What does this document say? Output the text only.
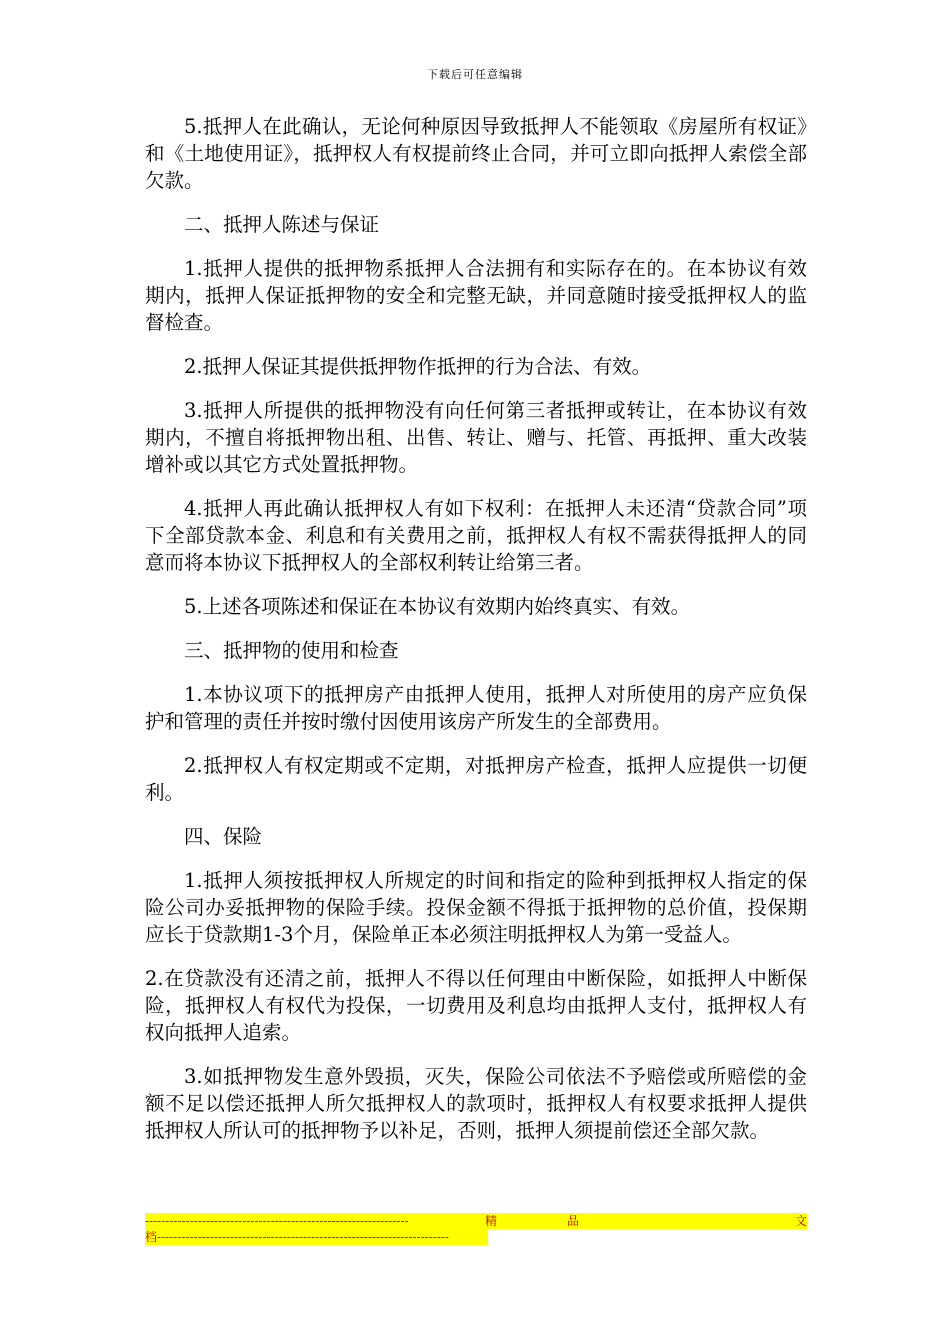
下载后可任意编辑

5.抵押人在此确认，无论何种原因导致抵押人不能领取《房屋所有权证》和《土地使用证》，抵押权人有权提前终止合同，并可立即向抵押人索偿全部欠款。

二、抵押人陈述与保证

1.抵押人提供的抵押物系抵押人合法拥有和实际存在的。在本协议有效期内，抵押人保证抵押物的安全和完整无缺，并同意随时接受抵押权人的监督检查。

2.抵押人保证其提供抵押物作抵押的行为合法、有效。

3.抵押人所提供的抵押物没有向任何第三者抵押或转让，在本协议有效期内，不擅自将抵押物出租、出售、转让、赠与、托管、再抵押、重大改装增补或以其它方式处置抵押物。

4.抵押人再此确认抵押权人有如下权利：在抵押人未还清“贷款合同”项下全部贷款本金、利息和有关费用之前，抵押权人有权不需获得抵押人的同意而将本协议下抵押权人的全部权利转让给第三者。

5.上述各项陈述和保证在本协议有效期内始终真实、有效。

三、抵押物的使用和检查

1.本协议项下的抵押房产由抵押人使用，抵押人对所使用的房产应负保护和管理的责任并按时缴付因使用该房产所发生的全部费用。

2.抵押权人有权定期或不定期，对抵押房产检查，抵押人应提供一切便利。

四、保险

1.抵押人须按抵押权人所规定的时间和指定的险种到抵押权人指定的保险公司办妥抵押物的保险手续。投保金额不得抵于抵押物的总价值，投保期应长于贷款期1-3个月，保险单正本必须注明抵押权人为第一受益人。

2.在贷款没有还清之前，抵押人不得以任何理由中断保险，如抵押人中断保险，抵押权人有权代为投保，一切费用及利息均由抵押人支付，抵押权人有权向抵押人追索。

3.如抵押物发生意外毁损，灭失，保险公司依法不予赔偿或所赔偿的金额不足以偿还抵押人所欠抵押权人的款项时，抵押权人有权要求抵押人提供抵押权人所认可的抵押物予以补足，否则，抵押人须提前偿还全部欠款。

-----------------------------------------------------------------	精	品	文
档------------------------------------------------------------------------
